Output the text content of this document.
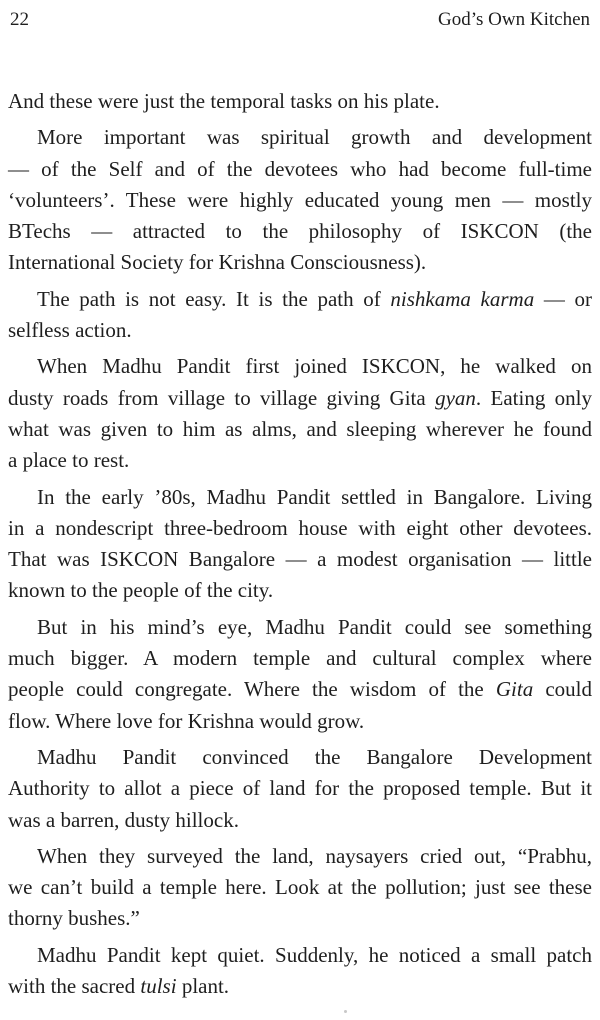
22	God’s Own Kitchen

And these were just the temporal tasks on his plate.

More important was spiritual growth and development
— of the Self and of the devotees who had become full-time
‘volunteers’. These were highly educated young men — mostly
BTechs — attracted to the philosophy of ISKCON (the
International Society for Krishna Consciousness).

The path is not easy. It is the path of nishkama karma — or
selfless action.

When Madhu Pandit first joined ISKCON, he walked on
dusty roads from village to village giving Gita gyan. Eating only
what was given to him as alms, and sleeping wherever he found
a place to rest.

In the early ’80s, Madhu Pandit settled in Bangalore. Living
in a nondescript three-bedroom house with eight other devotees.
That was ISKCON Bangalore — a modest organisation — little
known to the people of the city.

But in his mind’s eye, Madhu Pandit could see something
much bigger. A modern temple and cultural complex where
people could congregate. Where the wisdom of the Gita could
flow. Where love for Krishna would grow.

Madhu Pandit convinced the Bangalore Development
Authority to allot a piece of land for the proposed temple. But it
was a barren, dusty hillock.

When they surveyed the land, naysayers cried out, “Prabhu,
we can’t build a temple here. Look at the pollution; just see these
thorny bushes.”

Madhu Pandit kept quiet. Suddenly, he noticed a small patch
with the sacred tulsi plant.
